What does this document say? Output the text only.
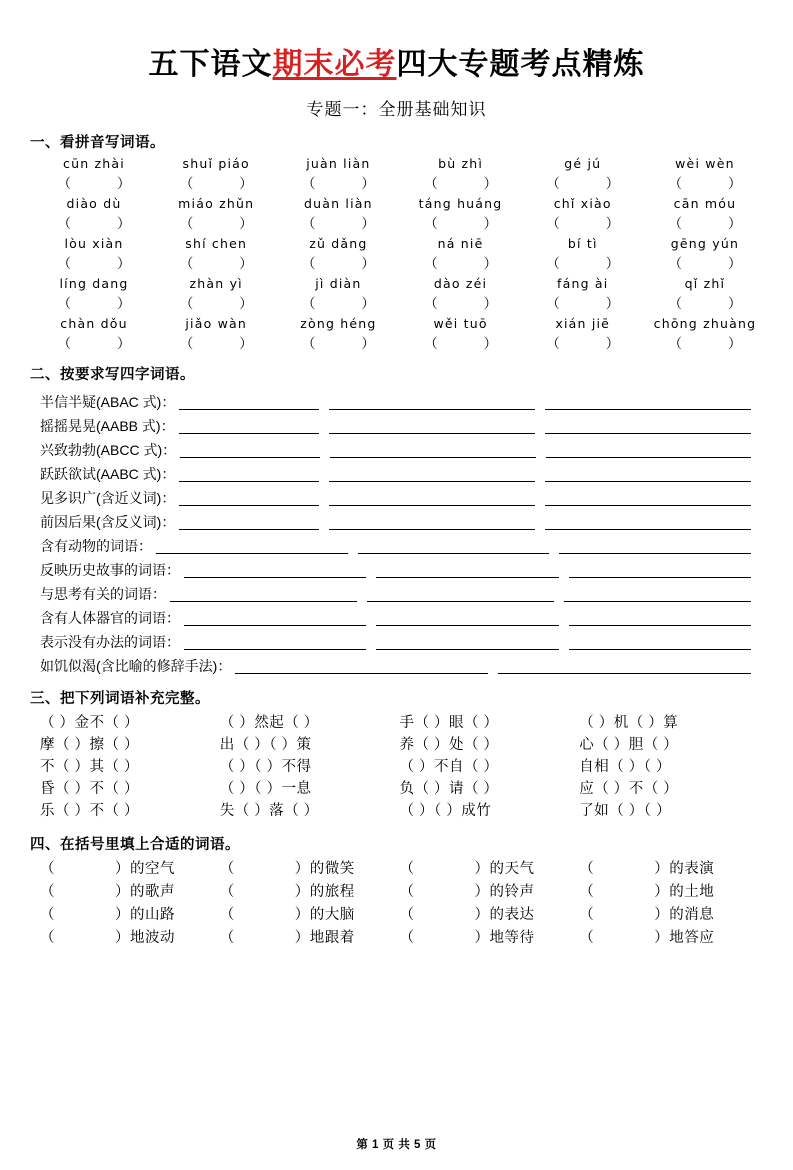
五下语文期末必考四大专题考点精炼
专题一：全册基础知识
一、看拼音写词语。
cūn zhài	shuǐ piáo	juàn liàn	bù zhì	gé jú	wèi wèn
（	）	（	）	（	）	（	）	（	）	（	）
diào dù	miáo zhǔn	duàn liàn	táng huáng	chǐ xiào	cān móu
（	）	（	）	（	）	（	）	（	）	（	）
lòu xiàn	shí chen	zǔ dǎng	ná niē	bí tì	gēng yún
（	）	（	）	（	）	（	）	（	）	（	）
líng dang	zhàn yì	jì diàn	dào zéi	fáng ài	qǐ zhǐ
（	）	（	）	（	）	（	）	（	）	（	）
chàn dǒu	jiǎo wàn	zòng héng	wěi tuō	xián jiē	chōng zhuàng
（	）	（	）	（	）	（	）	（	）	（	）
二、按要求写四字词语。
半信半疑(ABAC 式)：
摇摇晃晃(AABB 式)：
兴致勃勃(ABCC 式)：
跃跃欲试(AABC 式)：
见多识广(含近义词)：
前因后果(含反义词)：
含有动物的词语：
反映历史故事的词语：
与思考有关的词语：
含有人体器官的词语：
表示没有办法的词语：
如饥似渴(含比喻的修辞手法)：
三、把下列词语补充完整。
（ ）金不（ ）	（ ）然起（ ）	手（ ）眼（ ）	（ ）机（ ）算
摩（ ）擦（ ）	出（ ）（ ）策	养（ ）处（ ）	心（ ）胆（ ）
不（ ）其（ ）	（ ）（ ）不得	（ ）不自（ ）	自相（ ）（ ）
昏（ ）不（ ）	（ ）（ ）一息	负（ ）请（ ）	应（ ）不（ ）
乐（ ）不（ ）	失（ ）落（ ）	（ ）（ ）成竹	了如（ ）（ ）
四、在括号里填上合适的词语。
（　　　　）的空气	（　　　　）的微笑	（　　　　）的天气	（　　　　）的表演
（　　　　）的歌声	（　　　　）的旅程	（　　　　）的铃声	（　　　　）的土地
（　　　　）的山路	（　　　　）的大脑	（　　　　）的表达	（　　　　）的消息
（　　　　）地波动	（　　　　）地跟着	（　　　　）地等待	（　　　　）地答应
第 1 页 共 5 页
